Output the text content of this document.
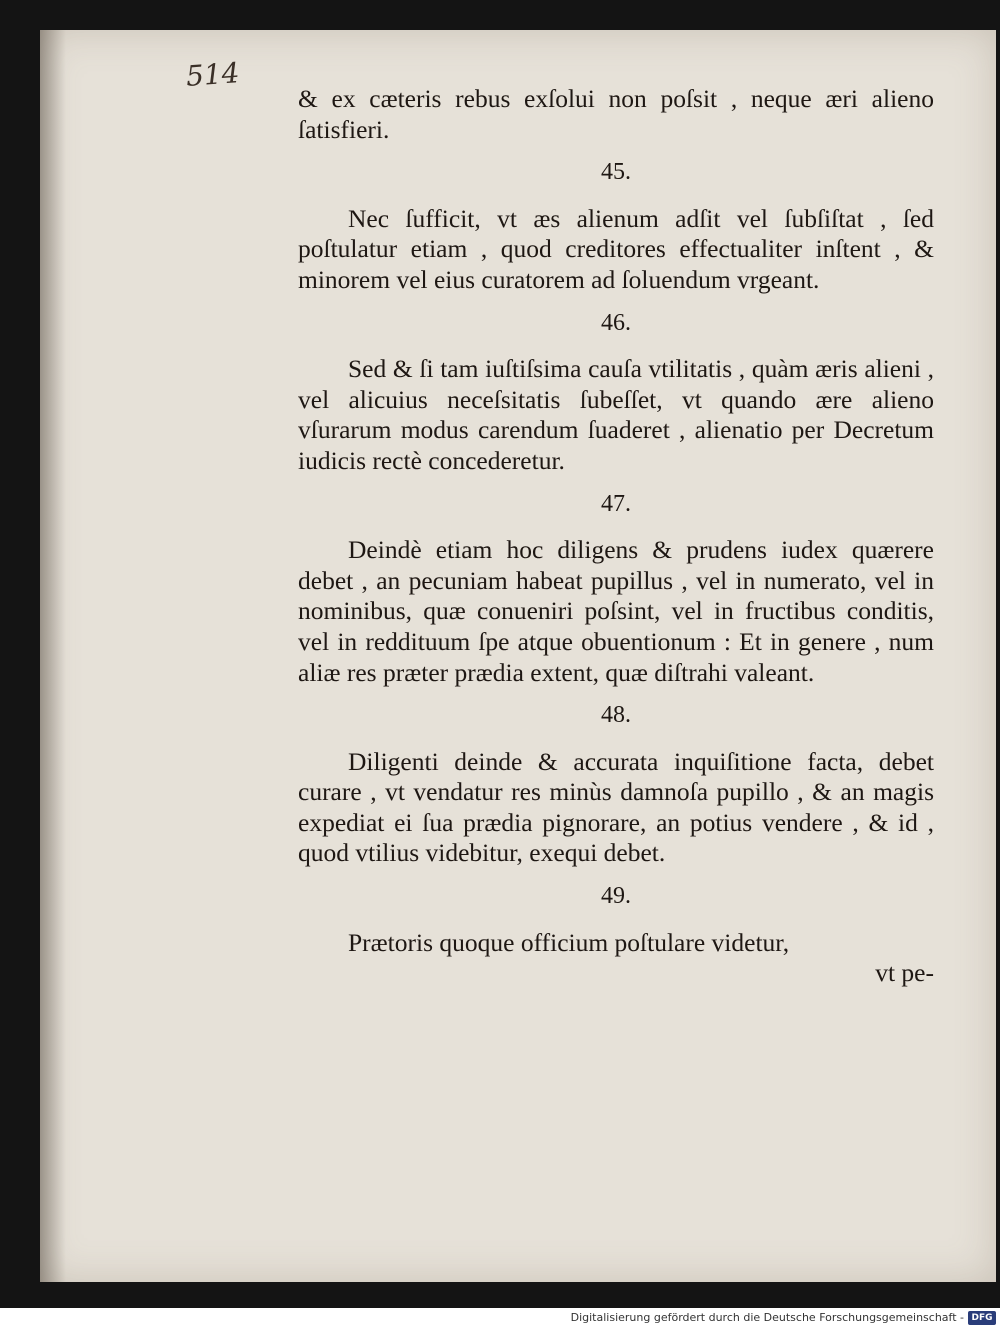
514

& ex cæteris rebus exſolui non poſsit , neque æri alieno ſatisfieri.

45.

Nec ſufficit, vt æs alienum adſit vel ſubſiſtat , ſed poſtulatur etiam , quod creditores effectualiter inſtent , & minorem vel eius curatorem ad ſoluendum vrgeant.

46.

Sed & ſi tam iuſtiſsima cauſa vtilitatis , quàm æris alieni , vel alicuius neceſsitatis ſubeſſet, vt quando ære alieno vſurarum modus carendum ſuaderet , alienatio per Decretum iudicis rectè concederetur.

47.

Deindè etiam hoc diligens & prudens iudex quærere debet , an pecuniam habeat pupillus , vel in numerato, vel in nominibus, quæ conueniri poſsint, vel in fructibus conditis, vel in reddituum ſpe atque obuentionum : Et in genere , num aliæ res præter prædia extent, quæ diſtrahi valeant.

48.

Diligenti deinde & accurata inquiſitione facta, debet curare , vt vendatur res minùs damnoſa pupillo , & an magis expediat ei ſua prædia pignorare, an potius vendere , & id , quod vtilius videbitur, exequi debet.

49.

Prætoris quoque officium poſtulare videtur,

vt pe-

Digitalisierung gefördert durch die Deutsche Forschungsgemeinschaft - DFG
